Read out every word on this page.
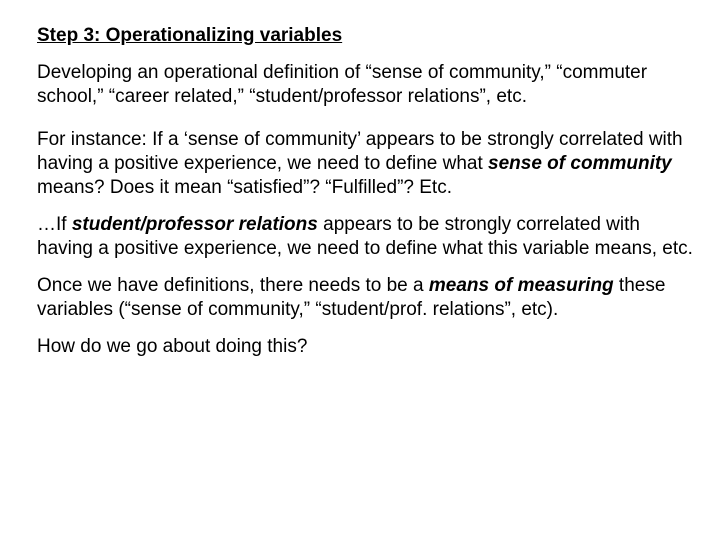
Step 3: Operationalizing variables

Developing an operational definition of “sense of community,” “commuter school,” “career related,” “student/professor relations”, etc.

For instance: If a ‘sense of community’ appears to be strongly correlated with having a positive experience, we need to define what sense of community means? Does it mean “satisfied”? “Fulfilled”? Etc.

…If student/professor relations appears to be strongly correlated with having a positive experience, we need to define what this variable means, etc.

Once we have definitions, there needs to be a means of measuring these variables (“sense of community,” “student/prof. relations”, etc).

How do we go about doing this?
